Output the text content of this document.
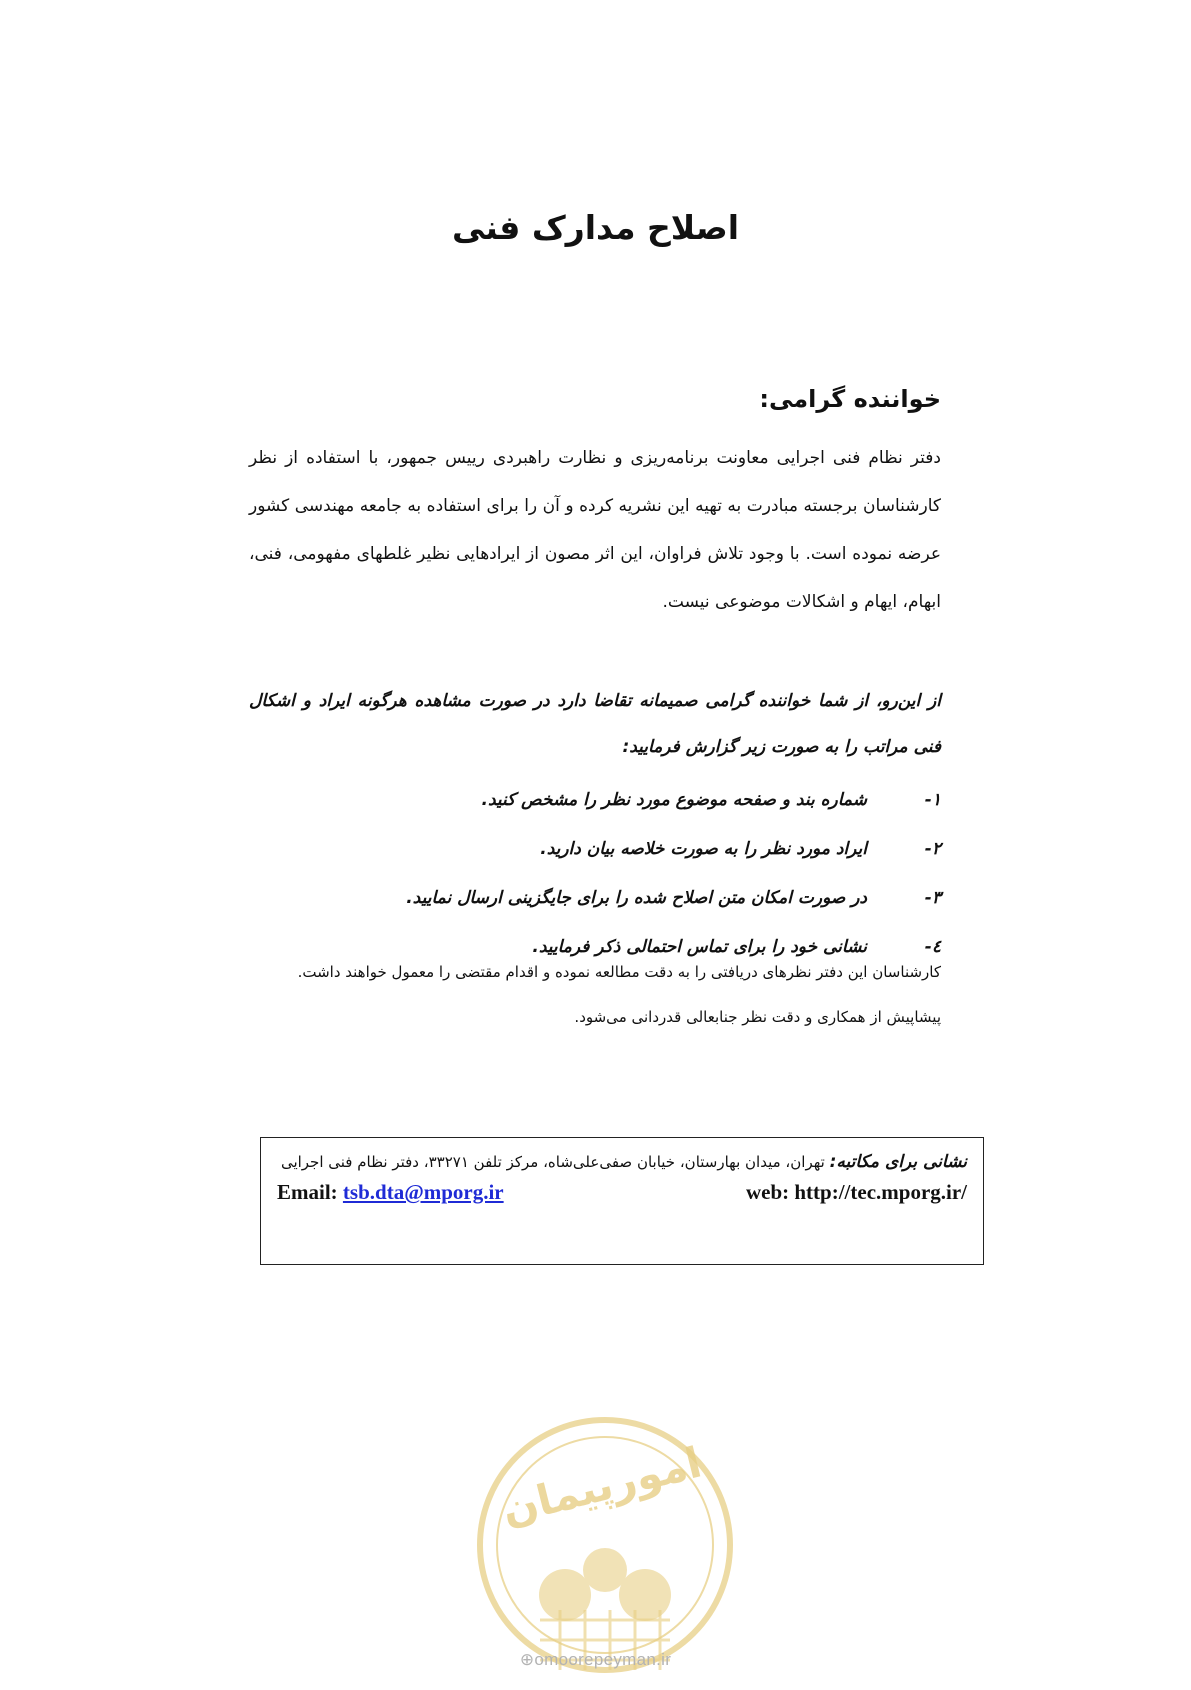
اصلاح مدارک فنی

خواننده گرامی:

دفتر نظام فنی اجرایی معاونت برنامه‌ریزی و نظارت راهبردی رییس جمهور، با استفاده از نظر کارشناسان برجسته مبادرت به تهیه این نشریه کرده و آن را برای استفاده به جامعه مهندسی کشور عرضه نموده است. با وجود تلاش فراوان، این اثر مصون از ایرادهایی نظیر غلطهای مفهومی، فنی، ابهام، ایهام و اشکالات موضوعی نیست.

از این‌رو، از شما خواننده گرامی صمیمانه تقاضا دارد در صورت مشاهده هرگونه ایراد و اشکال فنی مراتب را به صورت زیر گزارش فرمایید:

۱-شماره بند و صفحه موضوع مورد نظر را مشخص کنید.
۲-ایراد مورد نظر را به صورت خلاصه بیان دارید.
۳-در صورت امکان متن اصلاح شده را برای جایگزینی ارسال نمایید.
٤-نشانی خود را برای تماس احتمالی ذکر فرمایید.
کارشناسان این دفتر نظرهای دریافتی را به دقت مطالعه نموده و اقدام مقتضی را معمول خواهند داشت.
پیشاپیش از همکاری و دقت نظر جنابعالی قدردانی می‌شود.
نشانی برای مکاتبه: تهران، میدان بهارستان، خیابان صفی‌علی‌شاه، مرکز تلفن ۳۳۲۷۱، دفتر نظام فنی اجرایی
Email: tsb.dta@mporg.ir	web: http://tec.mporg.ir/
امورپیمان
⊕omoorepeyman.ir
